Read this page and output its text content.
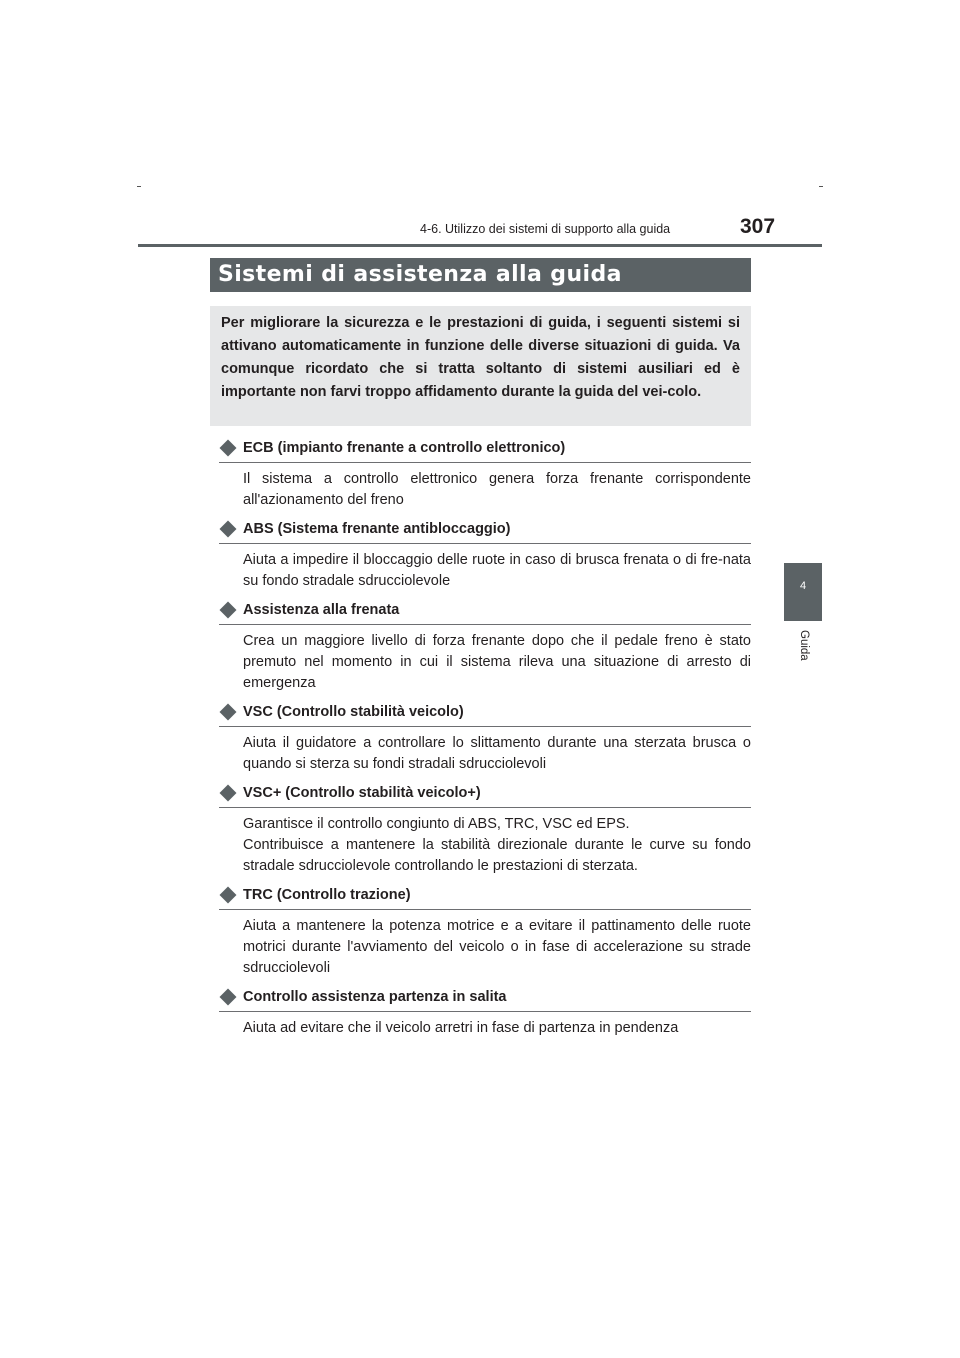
4-6. Utilizzo dei sistemi di supporto alla guida	307
4
Guida
Sistemi di assistenza alla guida

Per migliorare la sicurezza e le prestazioni di guida, i seguenti sistemi si attivano automaticamente in funzione delle diverse situazioni di guida. Va comunque ricordato che si tratta soltanto di sistemi ausiliari ed è importante non farvi troppo affidamento durante la guida del vei-colo.

ECB (impianto frenante a controllo elettronico)

Il sistema a controllo elettronico genera forza frenante corrispondente all'azionamento del freno

ABS (Sistema frenante antibloccaggio)

Aiuta a impedire il bloccaggio delle ruote in caso di brusca frenata o di fre-nata su fondo stradale sdrucciolevole

Assistenza alla frenata

Crea un maggiore livello di forza frenante dopo che il pedale freno è stato premuto nel momento in cui il sistema rileva una situazione di arresto di emergenza

VSC (Controllo stabilità veicolo)

Aiuta il guidatore a controllare lo slittamento durante una sterzata brusca o quando si sterza su fondi stradali sdrucciolevoli

VSC+ (Controllo stabilità veicolo+)

Garantisce il controllo congiunto di ABS, TRC, VSC ed EPS.

Contribuisce a mantenere la stabilità direzionale durante le curve su fondo stradale sdrucciolevole controllando le prestazioni di sterzata.

TRC (Controllo trazione)

Aiuta a mantenere la potenza motrice e a evitare il pattinamento delle ruote motrici durante l'avviamento del veicolo o in fase di accelerazione su strade sdrucciolevoli

Controllo assistenza partenza in salita

Aiuta ad evitare che il veicolo arretri in fase di partenza in pendenza
